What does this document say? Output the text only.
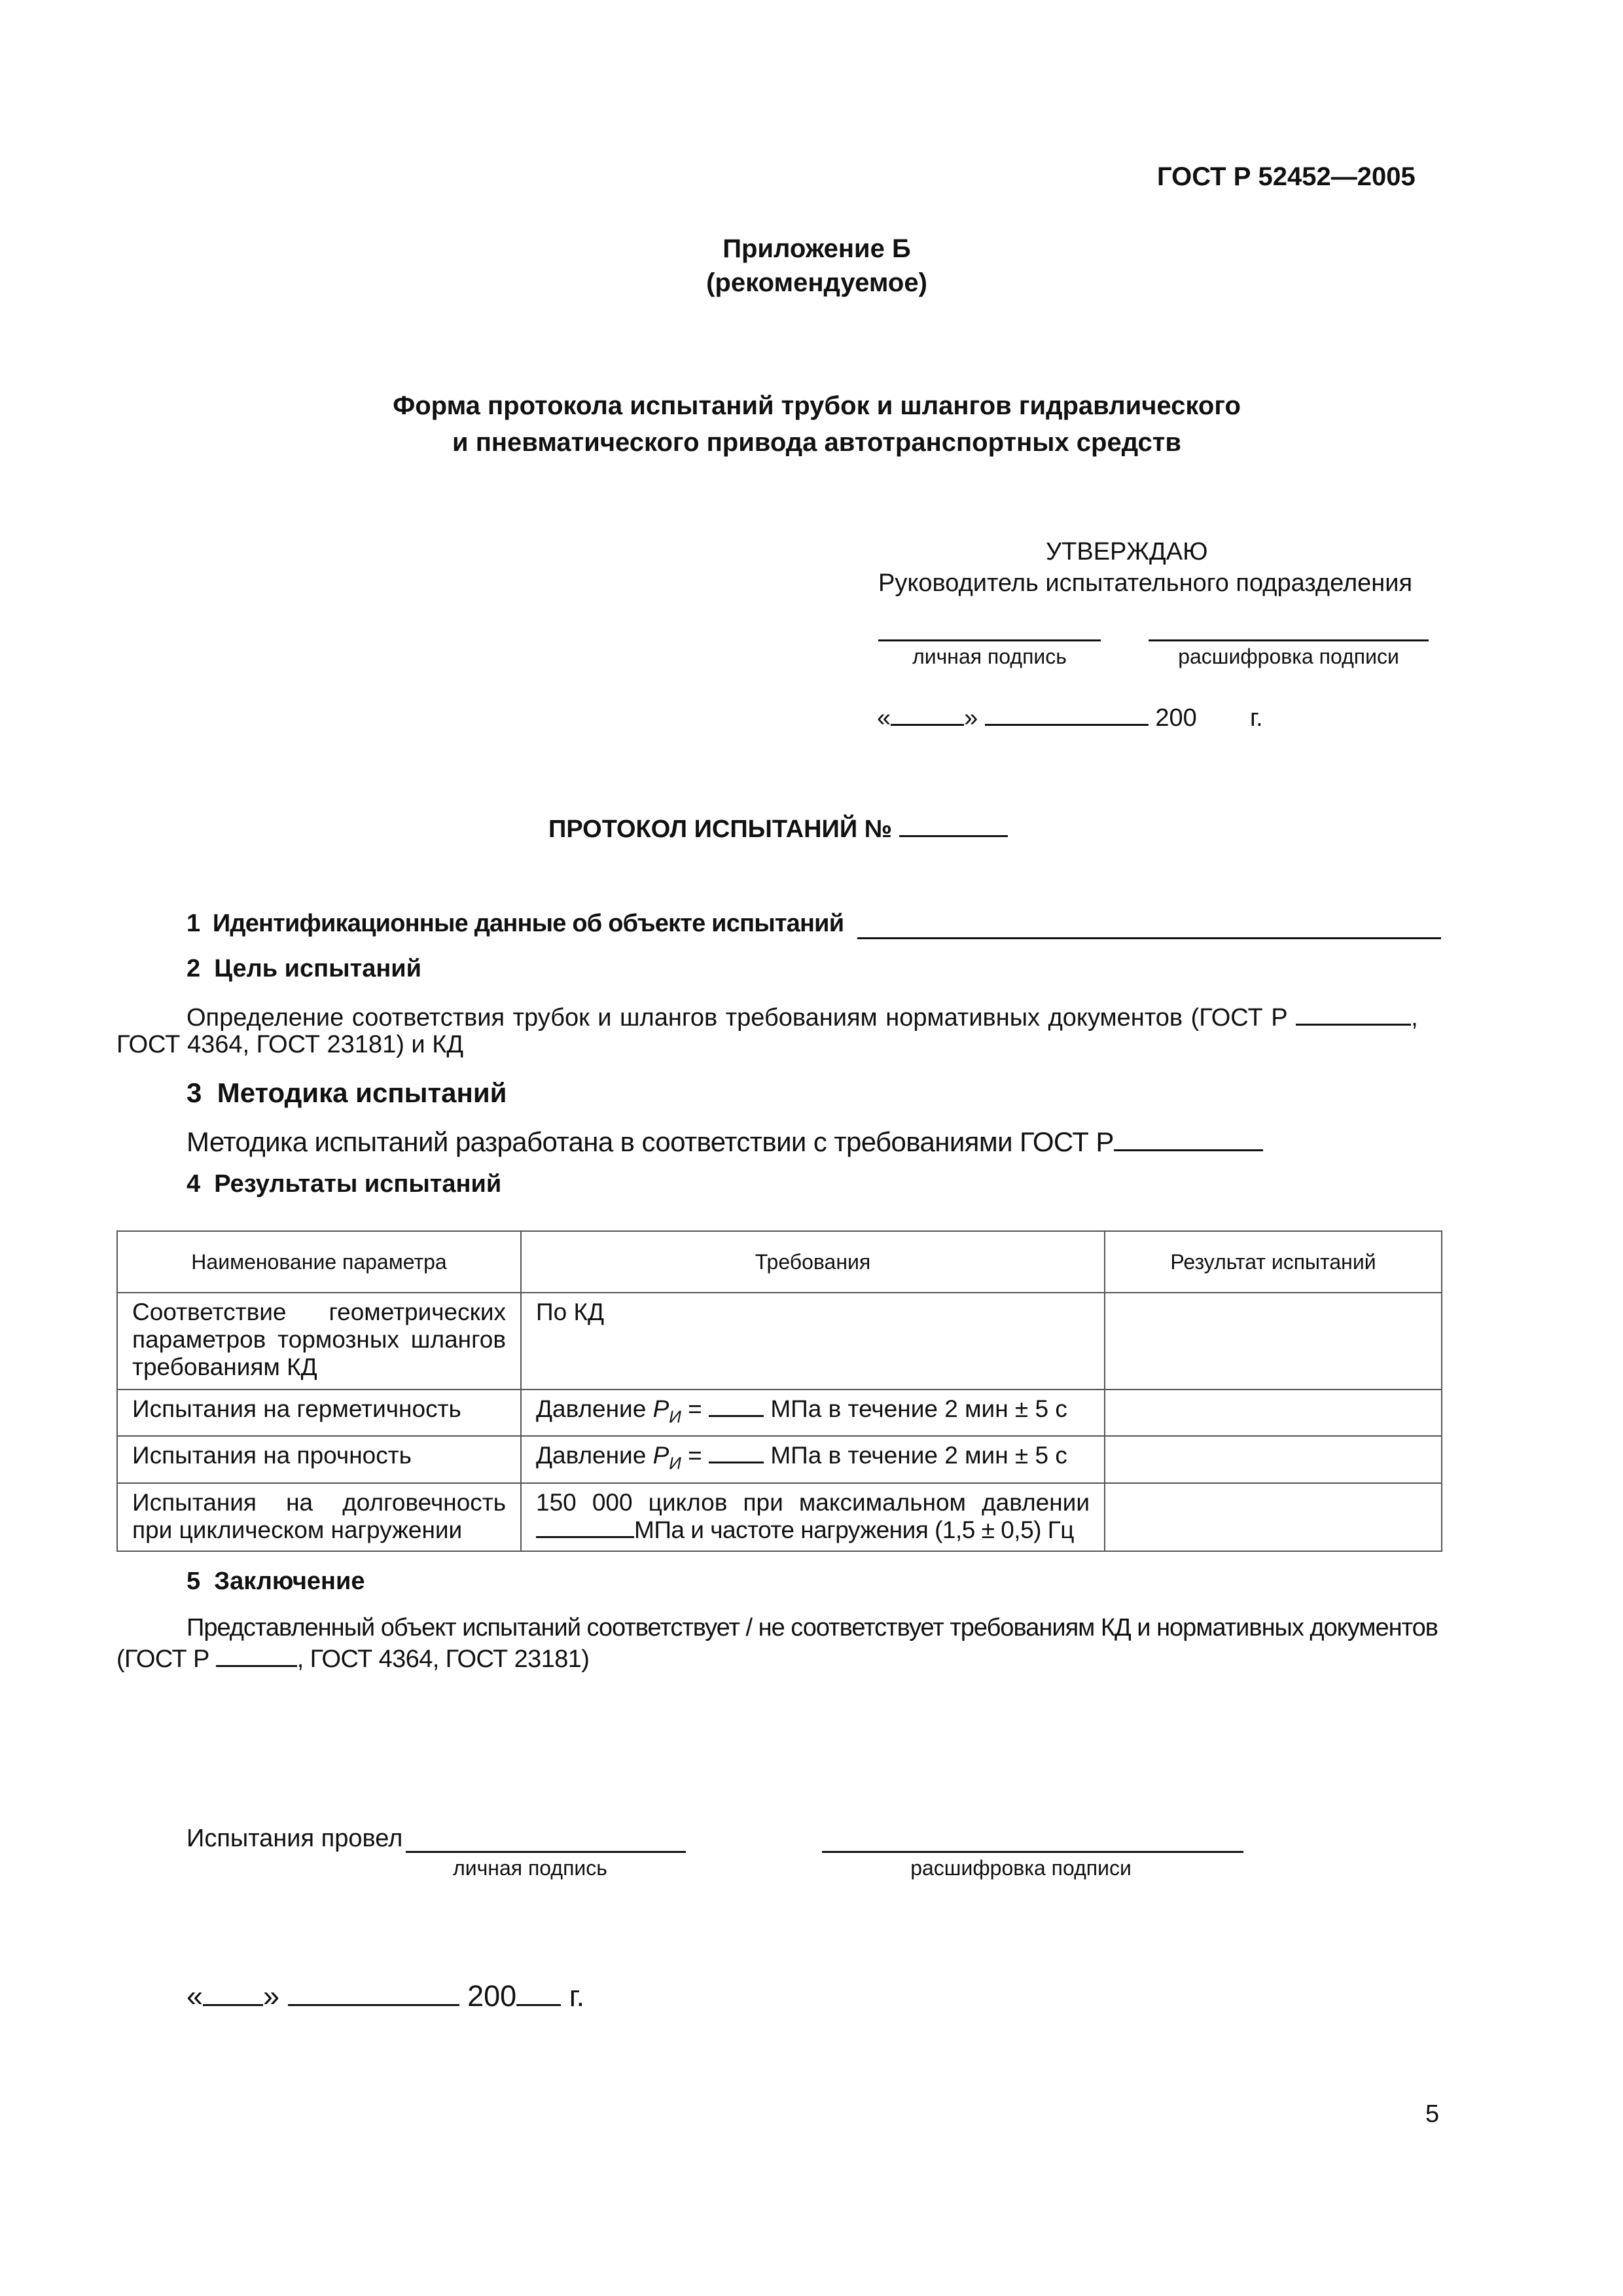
ГОСТ Р 52452—2005
Приложение Б
(рекомендуемое)
Форма протокола испытаний трубок и шлангов гидравлического
и пневматического привода автотранспортных средств
УТВЕРЖДАЮ
Руководитель испытательного подразделения
личная подпись	расшифровка подписи
«	»	200 г.
ПРОТОКОЛ ИСПЫТАНИЙ №
1 Идентификационные данные об объекте испытаний
2 Цель испытаний
Определение соответствия трубок и шлангов требованиям нормативных документов (ГОСТ Р	,
ГОСТ 4364, ГОСТ 23181) и КД
3 Методика испытаний
Методика испытаний разработана в соответствии с требованиями ГОСТ Р
4 Результаты испытаний
Наименование параметра	Требования	Результат испытаний
Соответствие геометрических параметров тормозных шлангов требованиям КД	По КД	
Испытания на герметичность	Давление $Р_И$ = МПа в течение 2 мин ± 5 с	
Испытания на прочность	Давление $Р_И$ = МПа в течение 2 мин ± 5 с	
Испытания на долговечность при циклическом нагружении	150 000 циклов при максимальном давлении
МПа и частоте нагружения (1,5 ± 0,5) Гц	

5 Заключение
Представленный объект испытаний соответствует / не соответствует требованиям КД и нормативных документов
(ГОСТ Р	, ГОСТ 4364, ГОСТ 23181)
Испытания провел
личная подпись	расшифровка подписи
« »	200 г.
5
